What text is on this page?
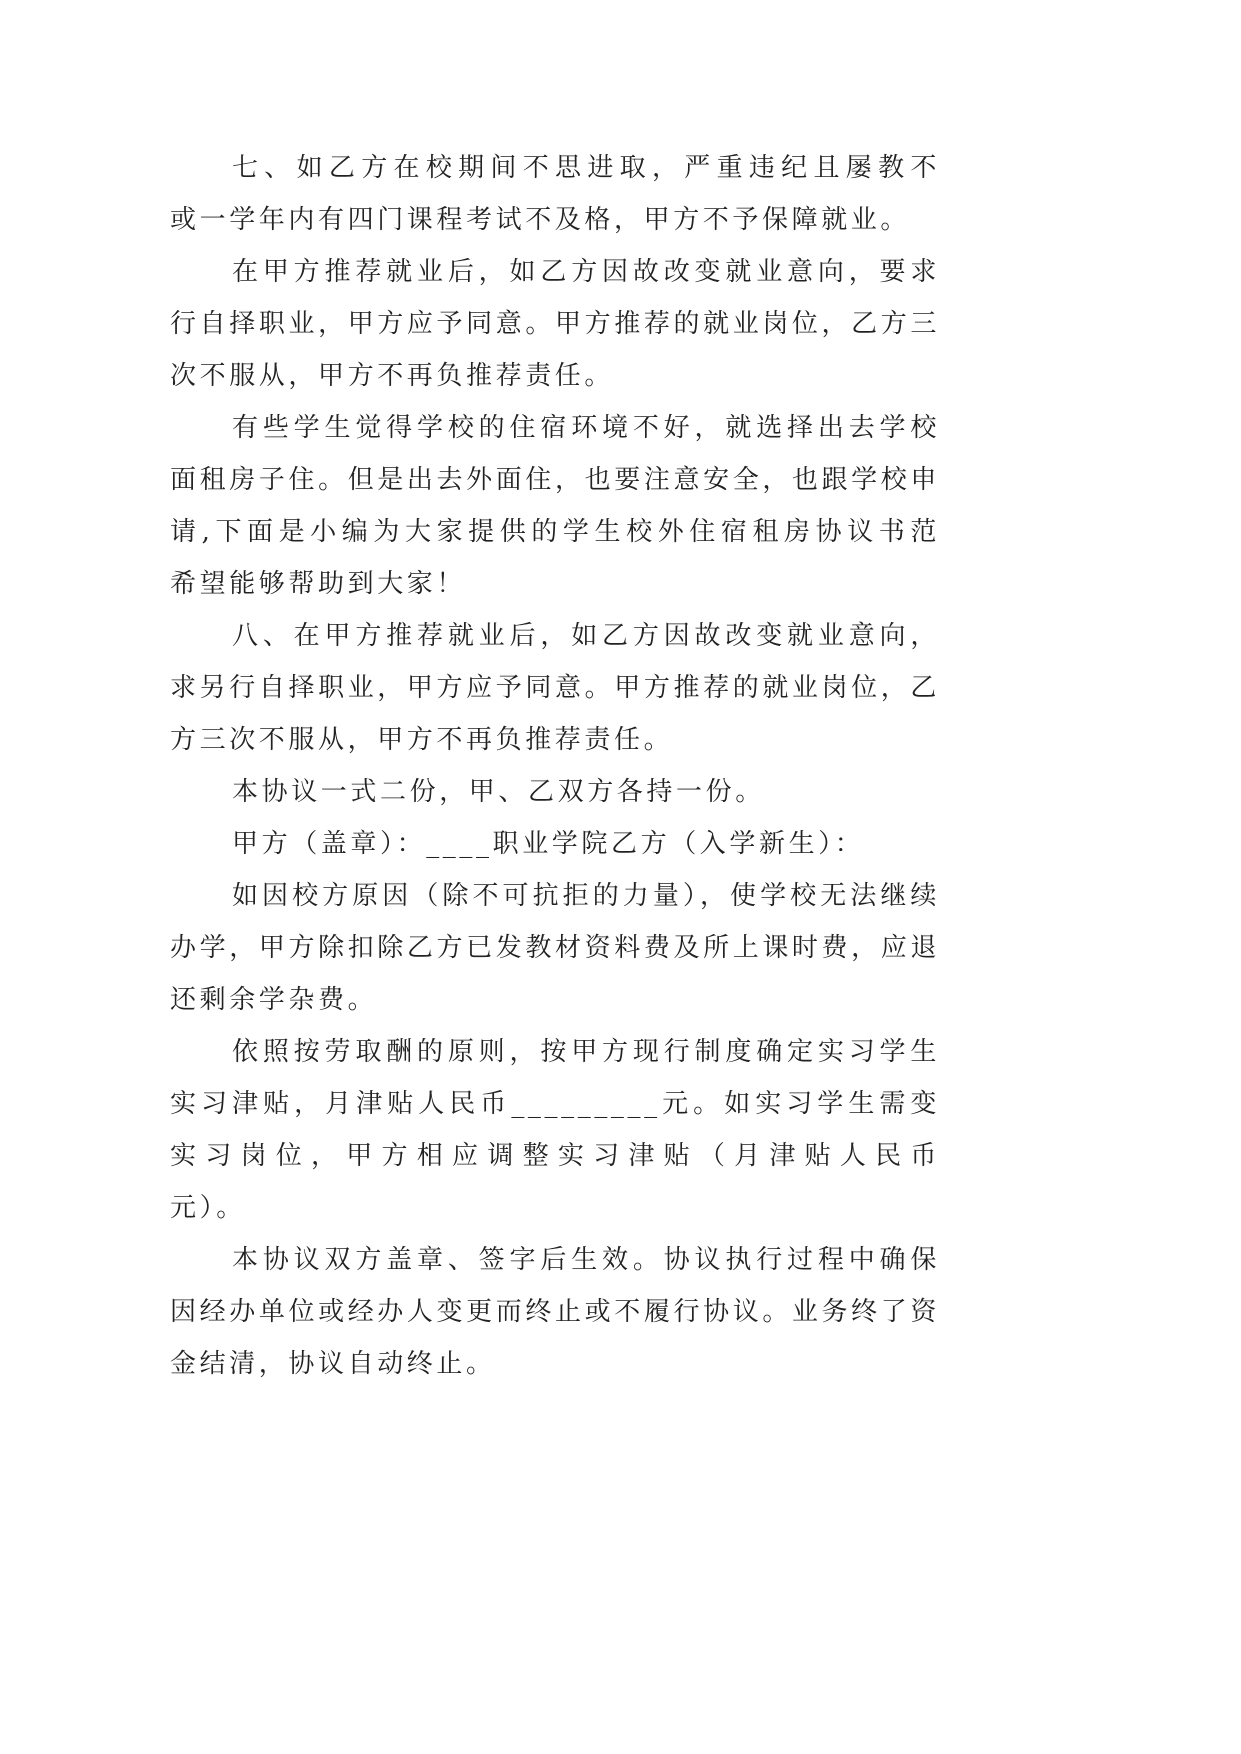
七、如乙方在校期间不思进取，严重违纪且屡教不
或一学年内有四门课程考试不及格，甲方不予保障就业。
在甲方推荐就业后，如乙方因故改变就业意向，要求
行自择职业，甲方应予同意。甲方推荐的就业岗位，乙方三
次不服从，甲方不再负推荐责任。
有些学生觉得学校的住宿环境不好，就选择出去学校
面租房子住。但是出去外面住，也要注意安全，也跟学校申
请,下面是小编为大家提供的学生校外住宿租房协议书范
希望能够帮助到大家！
八、在甲方推荐就业后，如乙方因故改变就业意向，
求另行自择职业，甲方应予同意。甲方推荐的就业岗位，乙
方三次不服从，甲方不再负推荐责任。
本协议一式二份，甲、乙双方各持一份。
甲方（盖章）：____职业学院乙方（入学新生）：
如因校方原因（除不可抗拒的力量），使学校无法继续
办学，甲方除扣除乙方已发教材资料费及所上课时费，应退
还剩余学杂费。
依照按劳取酬的原则，按甲方现行制度确定实习学生
实习津贴，月津贴人民币_________元。如实习学生需变
实习岗位，甲方相应调整实习津贴（月津贴人民币
元）。
本协议双方盖章、签字后生效。协议执行过程中确保
因经办单位或经办人变更而终止或不履行协议。业务终了资
金结清，协议自动终止。
